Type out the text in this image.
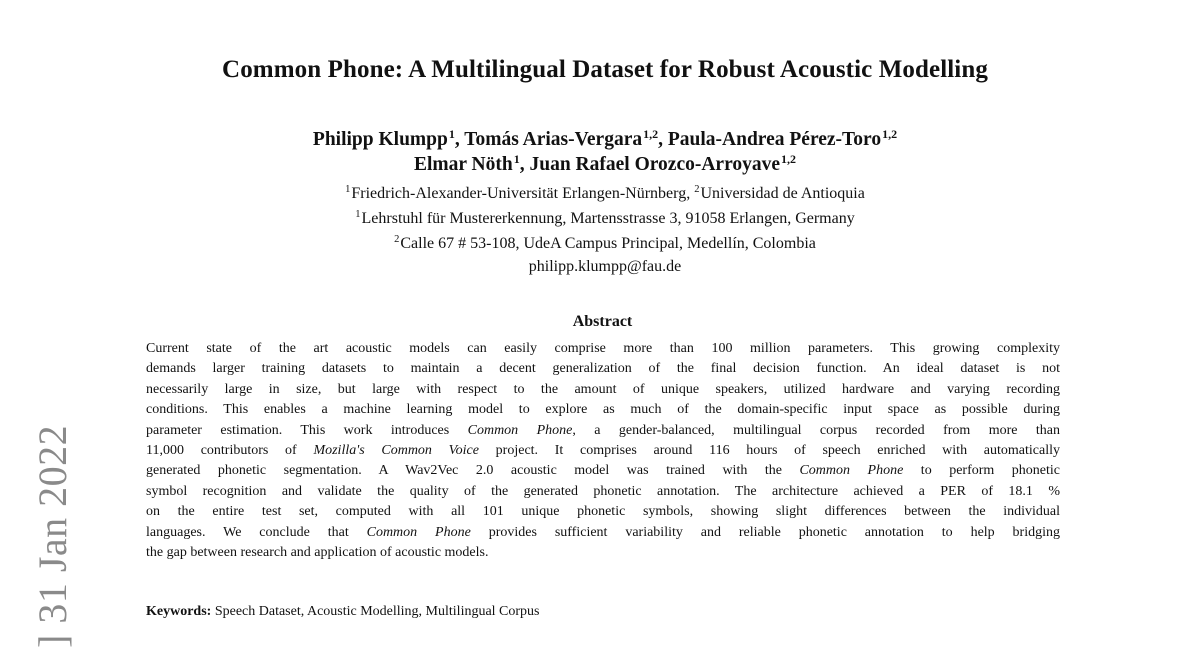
Common Phone: A Multilingual Dataset for Robust Acoustic Modelling
Philipp Klumpp$^1$, Tomás Arias-Vergara$^{1,2}$, Paula-Andrea Pérez-Toro$^{1,2}$
Elmar Nöth$^1$, Juan Rafael Orozco-Arroyave$^{1,2}$
$^1$Friedrich-Alexander-Universität Erlangen-Nürnberg, $^2$Universidad de Antioquia
$^1$Lehrstuhl für Mustererkennung, Martensstrasse 3, 91058 Erlangen, Germany
$^2$Calle 67 # 53-108, UdeA Campus Principal, Medellín, Colombia
philipp.klumpp@fau.de
Abstract

Current state of the art acoustic models can easily comprise more than 100 million parameters. This growing complexity
demands larger training datasets to maintain a decent generalization of the final decision function. An ideal dataset is not
necessarily large in size, but large with respect to the amount of unique speakers, utilized hardware and varying recording
conditions. This enables a machine learning model to explore as much of the domain-specific input space as possible during
parameter estimation. This work introduces Common Phone, a gender-balanced, multilingual corpus recorded from more than
11,000 contributors of Mozilla's Common Voice project. It comprises around 116 hours of speech enriched with automatically
generated phonetic segmentation. A Wav2Vec 2.0 acoustic model was trained with the Common Phone to perform phonetic
symbol recognition and validate the quality of the generated phonetic annotation. The architecture achieved a PER of 18.1 %
on the entire test set, computed with all 101 unique phonetic symbols, showing slight differences between the individual
languages. We conclude that Common Phone provides sufficient variability and reliable phonetic annotation to help bridging
the gap between research and application of acoustic models.

Keywords: Speech Dataset, Acoustic Modelling, Multilingual Corpus
] 31 Jan 2022
